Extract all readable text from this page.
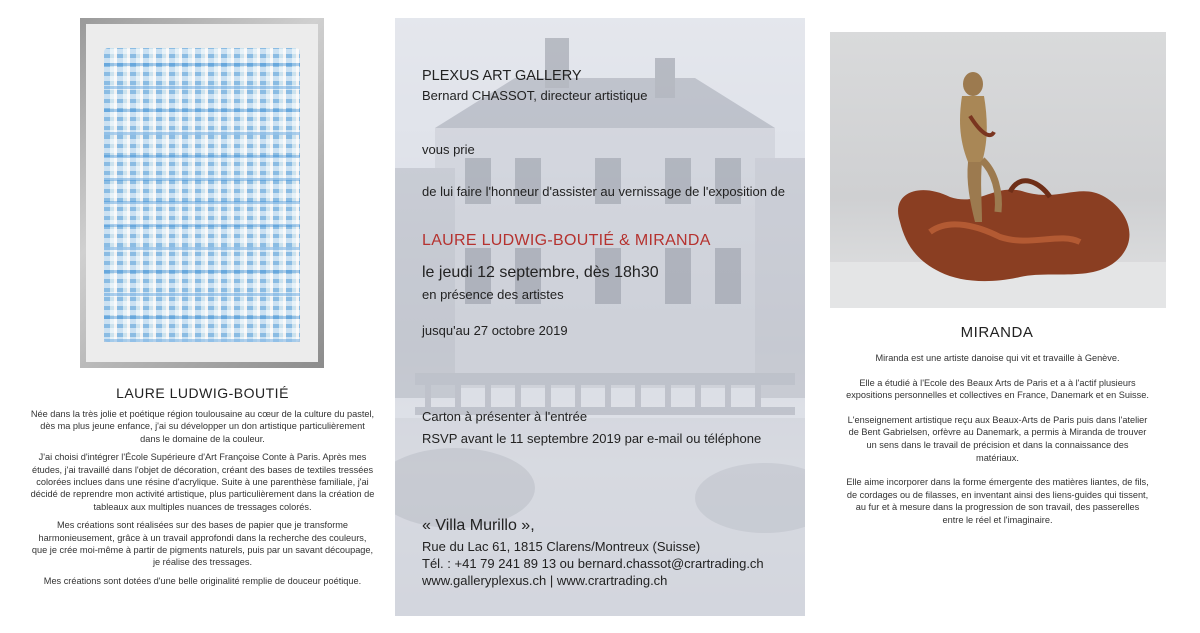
LAURE LUDWIG-BOUTIÉ

Née dans la très jolie et poétique région toulousaine au cœur de la culture du pastel, dès ma plus jeune enfance, j'ai su développer un don artistique particulièrement dans le domaine de la couleur.

J'ai choisi d'intégrer l'École Supérieure d'Art Françoise Conte à Paris. Après mes études, j'ai travaillé dans l'objet de décoration, créant des bases de textiles tressées colorées inclues dans une résine d'acrylique. Suite à une parenthèse familiale, j'ai décidé de reprendre mon activité artistique, plus particulièrement dans la création de tableaux aux multiples nuances de tressages colorés.

Mes créations sont réalisées sur des bases de papier que je transforme harmonieusement, grâce à un travail approfondi dans la recherche des couleurs, que je crée moi-même à partir de pigments naturels, puis par un savant découpage, je réalise des tressages.

Mes créations sont dotées d'une belle originalité remplie de douceur poétique.

PLEXUS ART GALLERY
Bernard CHASSOT, directeur artistique
vous prie
de lui faire l'honneur d'assister au vernissage de l'exposition de
LAURE LUDWIG-BOUTIÉ & MIRANDA
le jeudi 12 septembre, dès 18h30
en présence des artistes
jusqu'au 27 octobre 2019
Carton à présenter à l'entrée
RSVP avant le 11 septembre 2019 par e-mail ou téléphone
« Villa Murillo »,
Rue du Lac 61, 1815 Clarens/Montreux (Suisse)
Tél. : +41 79 241 89 13 ou bernard.chassot@crartrading.ch
www.galleryplexus.ch | www.crartrading.ch
MIRANDA

Miranda est une artiste danoise qui vit et travaille à Genève.

Elle a étudié à l'Ecole des Beaux Arts de Paris et a à l'actif plusieurs expositions personnelles et collectives en France, Danemark et en Suisse.

L'enseignement artistique reçu aux Beaux-Arts de Paris puis dans l'atelier de Bent Gabrielsen, orfèvre au Danemark, a permis à Miranda de trouver un sens dans le travail de précision et dans la connaissance des matériaux.

Elle aime incorporer dans la forme émergente des matières liantes, de fils, de cordages ou de filasses, en inventant ainsi des liens-guides qui tissent, au fur et à mesure dans la progression de son travail, des passerelles entre le réel et l'imaginaire.
